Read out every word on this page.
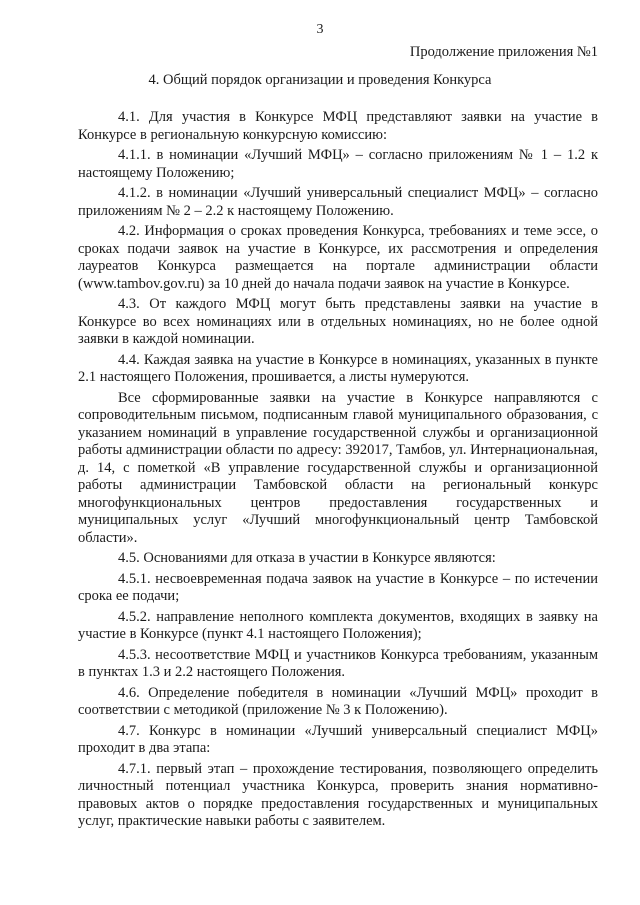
3
Продолжение приложения №1
4. Общий порядок организации и проведения Конкурса

4.1. Для участия в Конкурсе МФЦ представляют заявки на участие в Конкурсе в региональную конкурсную комиссию:

4.1.1. в номинации «Лучший МФЦ» – согласно приложениям № 1 – 1.2 к настоящему Положению;

4.1.2. в номинации «Лучший универсальный специалист МФЦ» – согласно приложениям № 2 – 2.2 к настоящему Положению.

4.2. Информация о сроках проведения Конкурса, требованиях и теме эссе, о сроках подачи заявок на участие в Конкурсе, их рассмотрения и определения лауреатов Конкурса размещается на портале администрации области (www.tambov.gov.ru) за 10 дней до начала подачи заявок на участие в Конкурсе.

4.3. От каждого МФЦ могут быть представлены заявки на участие в Конкурсе во всех номинациях или в отдельных номинациях, но не более одной заявки в каждой номинации.

4.4. Каждая заявка на участие в Конкурсе в номинациях, указанных в пункте 2.1 настоящего Положения, прошивается, а листы нумеруются.

Все сформированные заявки на участие в Конкурсе направляются с сопроводительным письмом, подписанным главой муниципального образования, с указанием номинаций в управление государственной службы и организационной работы администрации области по адресу: 392017, Тамбов, ул. Интернациональная, д. 14, с пометкой «В управление государственной службы и организационной работы администрации Тамбовской области на региональный конкурс многофункциональных центров предоставления государственных и муниципальных услуг «Лучший многофункциональный центр Тамбовской области».

4.5. Основаниями для отказа в участии в Конкурсе являются:

4.5.1. несвоевременная подача заявок на участие в Конкурсе – по истечении срока ее подачи;

4.5.2. направление неполного комплекта документов, входящих в заявку на участие в Конкурсе (пункт 4.1 настоящего Положения);

4.5.3. несоответствие МФЦ и участников Конкурса требованиям, указанным в пунктах 1.3 и 2.2 настоящего Положения.

4.6. Определение победителя в номинации «Лучший МФЦ» проходит в соответствии с методикой (приложение № 3 к Положению).

4.7. Конкурс в номинации «Лучший универсальный специалист МФЦ» проходит в два этапа:

4.7.1. первый этап – прохождение тестирования, позволяющего определить личностный потенциал участника Конкурса, проверить знания нормативно-правовых актов о порядке предоставления государственных и муниципальных услуг, практические навыки работы с заявителем.
